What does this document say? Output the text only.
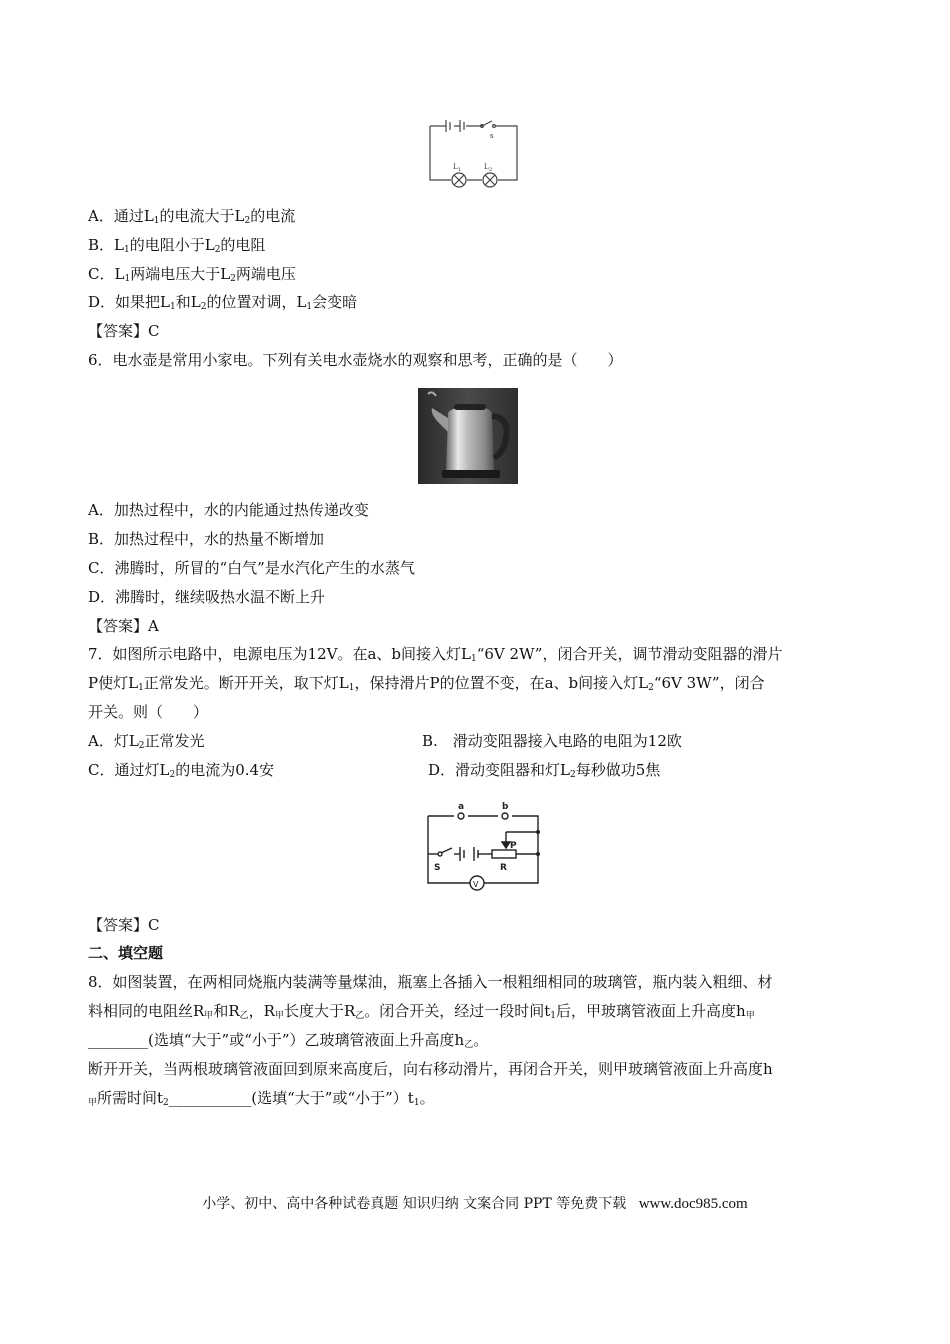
s
L 1	L 2
A．通过$L_1$的电流大于$L_2$的电流
B．$L_1$的电阻小于$L_2$的电阻
C．$L_1$两端电压大于$L_2$两端电压
D．如果把$L_1$和$L_2$的位置对调，$L_1$会变暗
【答案】C
6．电水壶是常用小家电。下列有关电水壶烧水的观察和思考，正确的是（　　）
A．加热过程中，水的内能通过热传递改变
B．加热过程中，水的热量不断增加
C．沸腾时，所冒的“白气”是水汽化产生的水蒸气
D．沸腾时，继续吸热水温不断上升
【答案】A
7．如图所示电路中，电源电压为12V。在a、b间接入灯$L_1“6V$ 2W”，闭合开关，调节滑动变阻器的滑片
P使灯$L_1$正常发光。断开开关，取下灯$L_1$，保持滑片P的位置不变，在a、b间接入灯$L_2“6V$ 3W”，闭合
开关。则（　　）
A．灯$L_2$正常发光	B.　滑动变阻器接入电路的电阻为12欧
C．通过灯$L_2$的电流为0.4安	D．滑动变阻器和灯$L_2$每秒做功5焦
a	b
P
S	R
V
【答案】C
二、填空题
8．如图装置，在两相同烧瓶内装满等量煤油，瓶塞上各插入一根粗细相同的玻璃管，瓶内装入粗细、材
料相同的电阻丝$R_甲$和$R_乙$，$R_甲$长度大于$R_乙$。闭合开关，经过一段时间$t_1$后，甲玻璃管液面上升高度$h_甲$
________(选填“大于”或“小于”）乙玻璃管液面上升高度$h_乙$。
断开开关，当两根玻璃管液面回到原来高度后，向右移动滑片，再闭合开关，则甲玻璃管液面上升高度h
$_甲$所需时间$t_2\_\_\_\_\_\_\_\_\_\_\_$(选填“大于”或“小于$”)t_1$。
小学、初中、高中各种试卷真题 知识归纳 文案合同 PPT 等免费下载 www.doc985.com
